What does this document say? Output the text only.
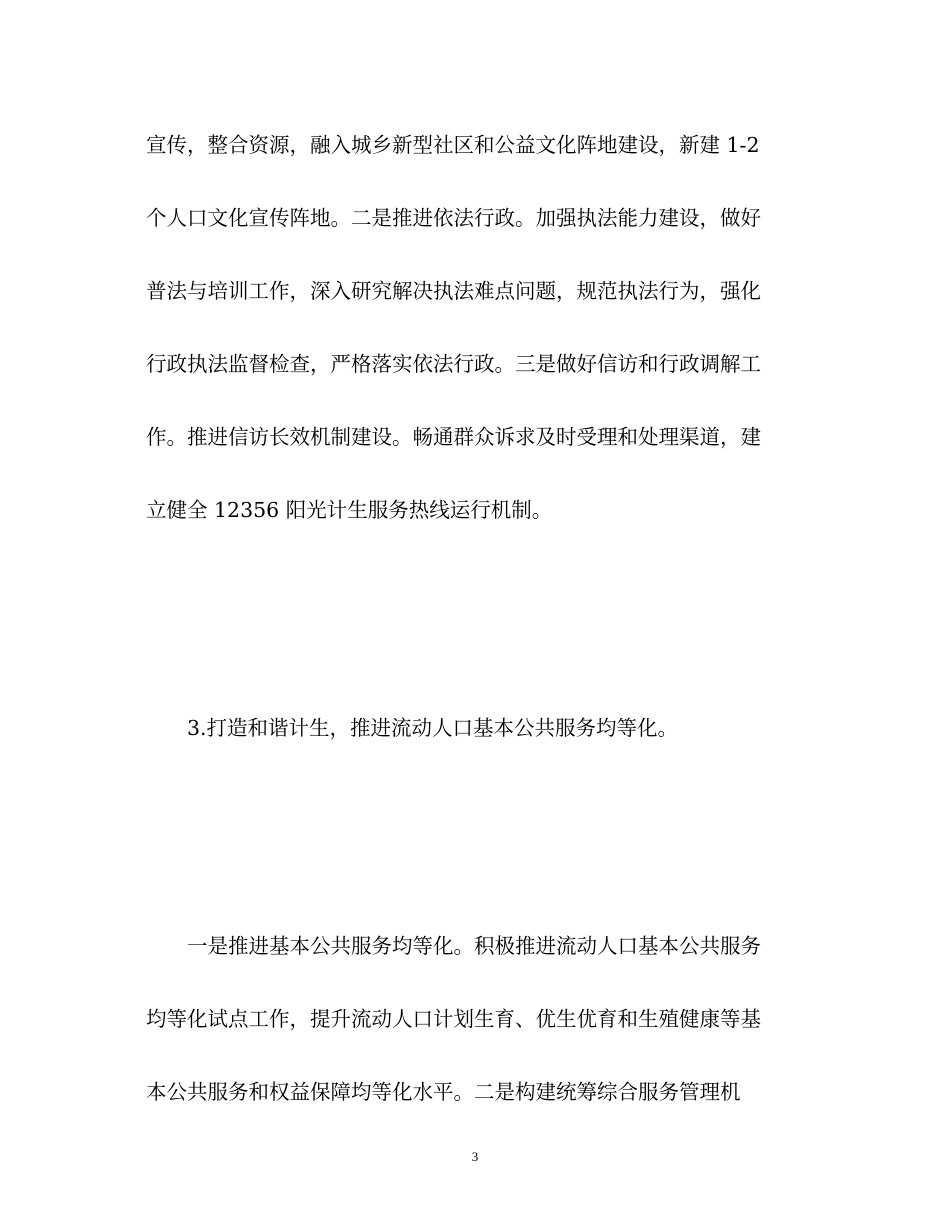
宣传，整合资源，融入城乡新型社区和公益文化阵地建设，新建 1-2
个人口文化宣传阵地。二是推进依法行政。加强执法能力建设，做好
普法与培训工作，深入研究解决执法难点问题，规范执法行为，强化
行政执法监督检查，严格落实依法行政。三是做好信访和行政调解工
作。推进信访长效机制建设。畅通群众诉求及时受理和处理渠道，建
立健全 12356 阳光计生服务热线运行机制。
3.打造和谐计生，推进流动人口基本公共服务均等化。
一是推进基本公共服务均等化。积极推进流动人口基本公共服务
均等化试点工作，提升流动人口计划生育、优生优育和生殖健康等基
本公共服务和权益保障均等化水平。二是构建统筹综合服务管理机
3
